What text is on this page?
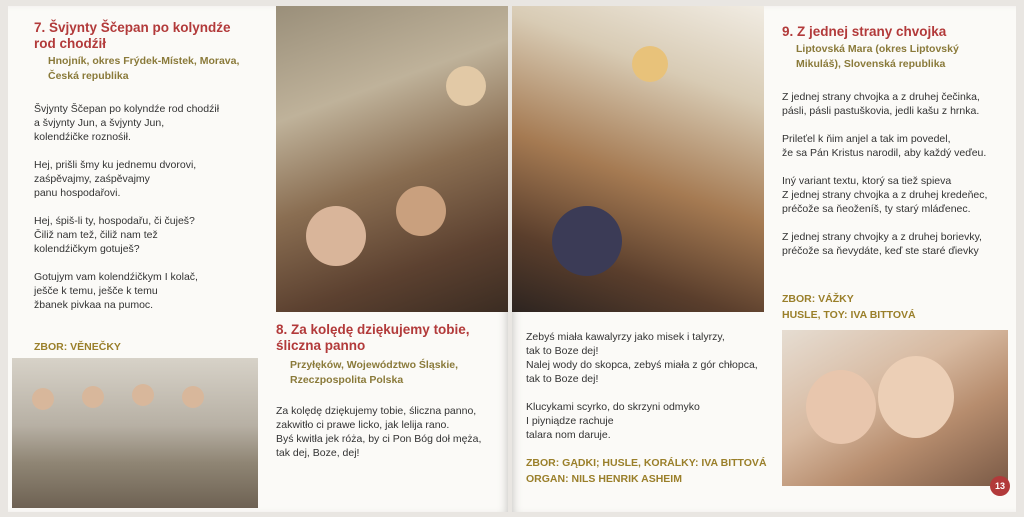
7. Švjynty Ščepan po kolyndźe rod chodźił
Hnojník, okres Frýdek-Místek, Morava, Česká republika

Švjynty Ščepan po kolyndźe rod chodźił
a švjynty Jun, a švjynty Jun,
kolendźičke roznośił.

Hej, prišli šmy ku jednemu dvorovi,
zaśpěvajmy, zaśpěvajmy
panu hospodařovi.

Hej, śpiš-li ty, hospodařu, či čuješ?
Čiliž nam tež, čiliž nam tež
kolendźičkym gotuješ?

Gotujym vam kolendźičkym I kolač,
ješče k temu, ješče k temu
žbanek pivkaa na pumoc.

ZBOR: VĚNEČKY
8. Za kolędę dziękujemy tobie, śliczna panno
Przyłęków, Województwo Śląskie, Rzeczpospolita Polska

Za kolędę dziękujemy tobie, śliczna panno,
zakwitło ci prawe licko, jak lelija rano.
Byś kwitła jek róża, by ci Pon Bóg doł męża,
tak dej, Boze, dej!

Zebyś miała kawalyrzy jako misek i talyrzy,
tak to Boze dej!
Nalej wody do skopca, zebyś miała z gór chłopca,
tak to Boze dej!

Klucykami scyrko, do skrzyni odmyko
I piyniądze rachuje
talara nom daruje.

ZBOR: GĄDKI; HUSLE, KORÁLKY: IVA BITTOVÁ
ORGAN: NILS HENRIK ASHEIM
9. Z jednej strany chvojka
Liptovská Mara (okres Liptovský Mikuláš), Slovenská republika

Z jednej strany chvojka a z druhej čečinka,
pásli, pásli pastuškovia, jedli kašu z hrnka.

Prileťel k ňim anjel a tak im povedel,
že sa Pán Kristus narodil, aby každý veďeu.

Iný variant textu, ktorý sa tiež spieva
Z jednej strany chvojka a z druhej kredeňec,
préčože sa ňeoženíš, ty starý mláďeneс.

Z jednej strany chvojky a z druhej borievky,
préčože sa ňevydáte, keď ste staré ďievky

ZBOR: VÁŽKY
HUSLE, TOY: IVA BITTOVÁ
13
